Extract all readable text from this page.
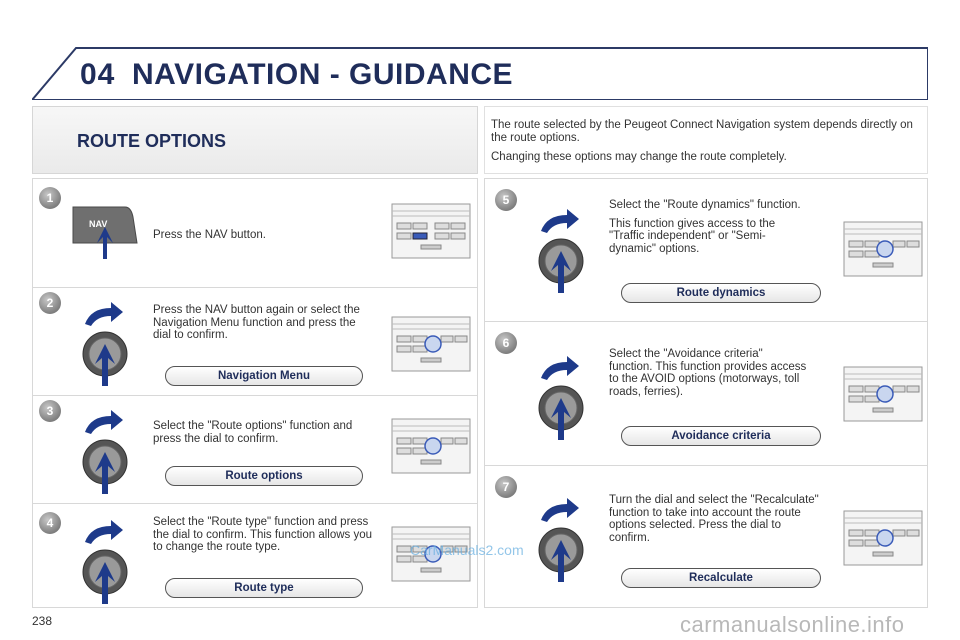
04 NAVIGATION - GUIDANCE
ROUTE OPTIONS

The route selected by the Peugeot Connect Navigation system depends directly on the route options.

Changing these options may change the route completely.

1
NAV

Press the NAV button.

2	Press the NAV button again or select the Navigation Menu function and press the dial to confirm.

Navigation Menu
3

Select the "Route options" function and press the dial to confirm.

Route options
4	Select the "Route type" function and press the dial to confirm. This function allows you to change the route type.

Route type
5	Select the "Route dynamics" function.

This function gives access to the "Traffic independent" or "Semi-dynamic" options.

Route dynamics
6

Select the "Avoidance criteria" function. This function provides access to the AVOID options (motorways, toll roads, ferries).

Avoidance criteria
7

Turn the dial and select the "Recalculate" function to take into account the route options selected. Press the dial to confirm.

Recalculate
238
CarManuals2.com
carmanualsonline.info
